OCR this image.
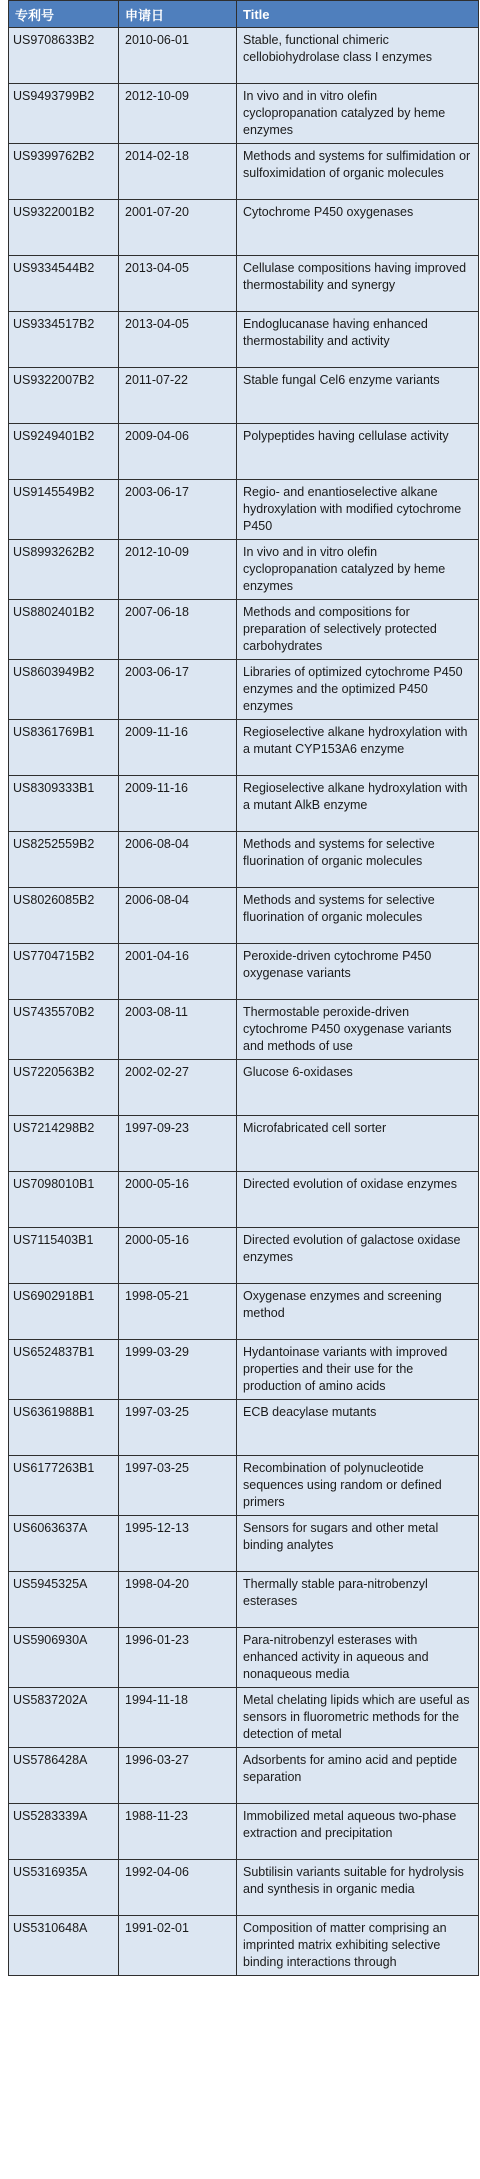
专利号	申请日	Title
US9708633B2	2010-06-01	Stable, functional chimeric cellobiohydrolase class I enzymes
US9493799B2	2012-10-09	In vivo and in vitro olefin cyclopropanation catalyzed by heme enzymes
US9399762B2	2014-02-18	Methods and systems for sulfimidation or sulfoximidation of organic molecules
US9322001B2	2001-07-20	Cytochrome P450 oxygenases
US9334544B2	2013-04-05	Cellulase compositions having improved thermostability and synergy
US9334517B2	2013-04-05	Endoglucanase having enhanced thermostability and activity
US9322007B2	2011-07-22	Stable fungal Cel6 enzyme variants
US9249401B2	2009-04-06	Polypeptides having cellulase activity
US9145549B2	2003-06-17	Regio- and enantioselective alkane hydroxylation with modified cytochrome P450
US8993262B2	2012-10-09	In vivo and in vitro olefin cyclopropanation catalyzed by heme enzymes
US8802401B2	2007-06-18	Methods and compositions for preparation of selectively protected carbohydrates
US8603949B2	2003-06-17	Libraries of optimized cytochrome P450 enzymes and the optimized P450 enzymes
US8361769B1	2009-11-16	Regioselective alkane hydroxylation with a mutant CYP153A6 enzyme
US8309333B1	2009-11-16	Regioselective alkane hydroxylation with a mutant AlkB enzyme
US8252559B2	2006-08-04	Methods and systems for selective fluorination of organic molecules
US8026085B2	2006-08-04	Methods and systems for selective fluorination of organic molecules
US7704715B2	2001-04-16	Peroxide-driven cytochrome P450 oxygenase variants
US7435570B2	2003-08-11	Thermostable peroxide-driven cytochrome P450 oxygenase variants and methods of use
US7220563B2	2002-02-27	Glucose 6-oxidases
US7214298B2	1997-09-23	Microfabricated cell sorter
US7098010B1	2000-05-16	Directed evolution of oxidase enzymes
US7115403B1	2000-05-16	Directed evolution of galactose oxidase enzymes
US6902918B1	1998-05-21	Oxygenase enzymes and screening method
US6524837B1	1999-03-29	Hydantoinase variants with improved properties and their use for the production of amino acids
US6361988B1	1997-03-25	ECB deacylase mutants
US6177263B1	1997-03-25	Recombination of polynucleotide sequences using random or defined primers
US6063637A	1995-12-13	Sensors for sugars and other metal binding analytes
US5945325A	1998-04-20	Thermally stable para-nitrobenzyl esterases
US5906930A	1996-01-23	Para-nitrobenzyl esterases with enhanced activity in aqueous and nonaqueous media
US5837202A	1994-11-18	Metal chelating lipids which are useful as sensors in fluorometric methods for the detection of metal
US5786428A	1996-03-27	Adsorbents for amino acid and peptide separation
US5283339A	1988-11-23	Immobilized metal aqueous two-phase extraction and precipitation
US5316935A	1992-04-06	Subtilisin variants suitable for hydrolysis and synthesis in organic media
US5310648A	1991-02-01	Composition of matter comprising an imprinted matrix exhibiting selective binding interactions through
